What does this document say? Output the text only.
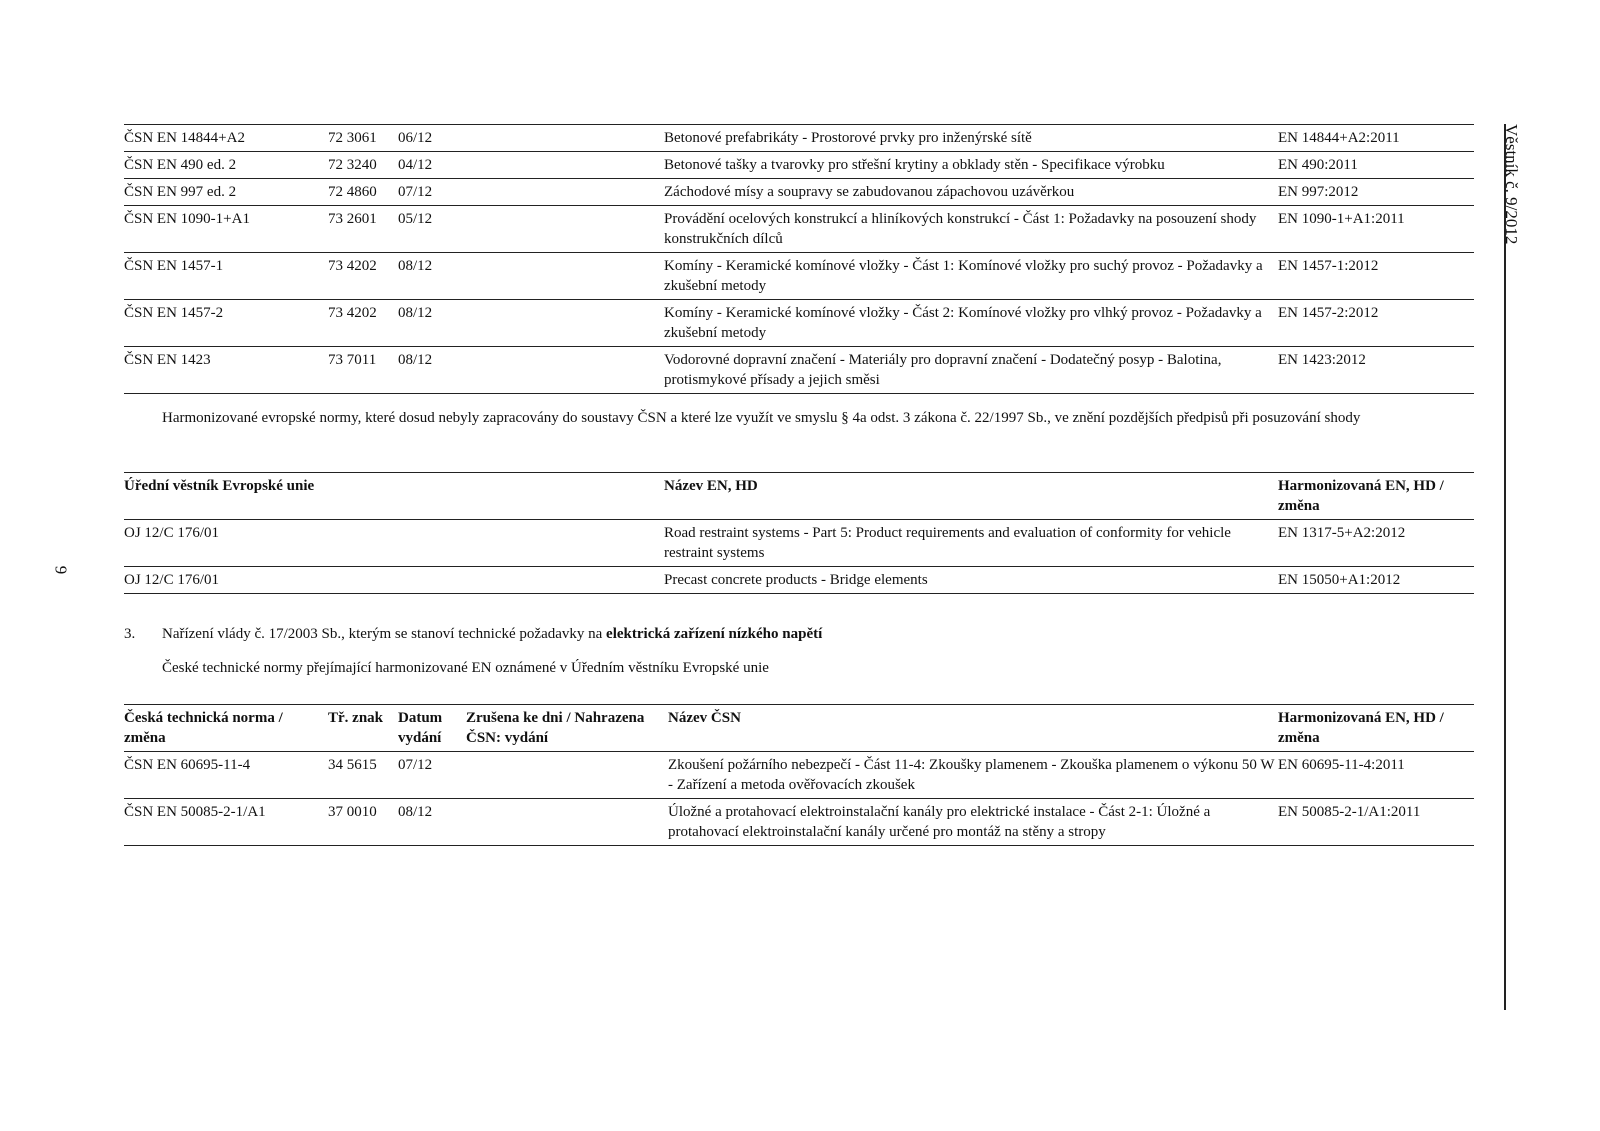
ČSN EN 14844+A2	72 3061	06/12		Betonové prefabrikáty - Prostorové prvky pro inženýrské sítě	EN 14844+A2:2011
ČSN EN 490 ed. 2	72 3240	04/12		Betonové tašky a tvarovky pro střešní krytiny a obklady stěn - Specifikace výrobku	EN 490:2011
ČSN EN 997 ed. 2	72 4860	07/12		Záchodové mísy a soupravy se zabudovanou zápachovou uzávěrkou	EN 997:2012
ČSN EN 1090-1+A1	73 2601	05/12		Provádění ocelových konstrukcí a hliníkových konstrukcí - Část 1: Požadavky na posouzení shody konstrukčních dílců	EN 1090-1+A1:2011
ČSN EN 1457-1	73 4202	08/12		Komíny - Keramické komínové vložky - Část 1: Komínové vložky pro suchý provoz - Požadavky a zkušební metody	EN 1457-1:2012
ČSN EN 1457-2	73 4202	08/12		Komíny - Keramické komínové vložky - Část 2: Komínové vložky pro vlhký provoz - Požadavky a zkušební metody	EN 1457-2:2012
ČSN EN 1423	73 7011	08/12		Vodorovné dopravní značení - Materiály pro dopravní značení - Dodatečný posyp - Balotina, protismykové přísady a jejich směsi	EN 1423:2012
Harmonizované evropské normy, které dosud nebyly zapracovány do soustavy ČSN a které lze využít ve smyslu § 4a odst. 3 zákona č. 22/1997 Sb., ve znění pozdějších předpisů při posuzování shody
Úřední věstník Evropské unie	Název EN, HD	Harmonizovaná EN, HD / změna
OJ 12/C 176/01	Road restraint systems - Part 5: Product requirements and evaluation of conformity for vehicle restraint systems	EN 1317-5+A2:2012
OJ 12/C 176/01	Precast concrete products - Bridge elements	EN 15050+A1:2012
3. Nařízení vlády č. 17/2003 Sb., kterým se stanoví technické požadavky na elektrická zařízení nízkého napětí
České technické normy přejímající harmonizované EN oznámené v Úředním věstníku Evropské unie
Česká technická norma / změna	Tř. znak	Datum vydání	Zrušena ke dni / Nahrazena ČSN: vydání	Název ČSN	Harmonizovaná EN, HD / změna
ČSN EN 60695-11-4	34 5615	07/12		Zkoušení požárního nebezpečí - Část 11-4: Zkoušky plamenem - Zkouška plamenem o výkonu 50 W - Zařízení a metoda ověřovacích zkoušek	EN 60695-11-4:2011
ČSN EN 50085-2-1/A1	37 0010	08/12		Úložné a protahovací elektroinstalační kanály pro elektrické instalace - Část 2-1: Úložné a protahovací elektroinstalační kanály určené pro montáž na stěny a stropy	EN 50085-2-1/A1:2011
Věstník č. 9/2012
9
